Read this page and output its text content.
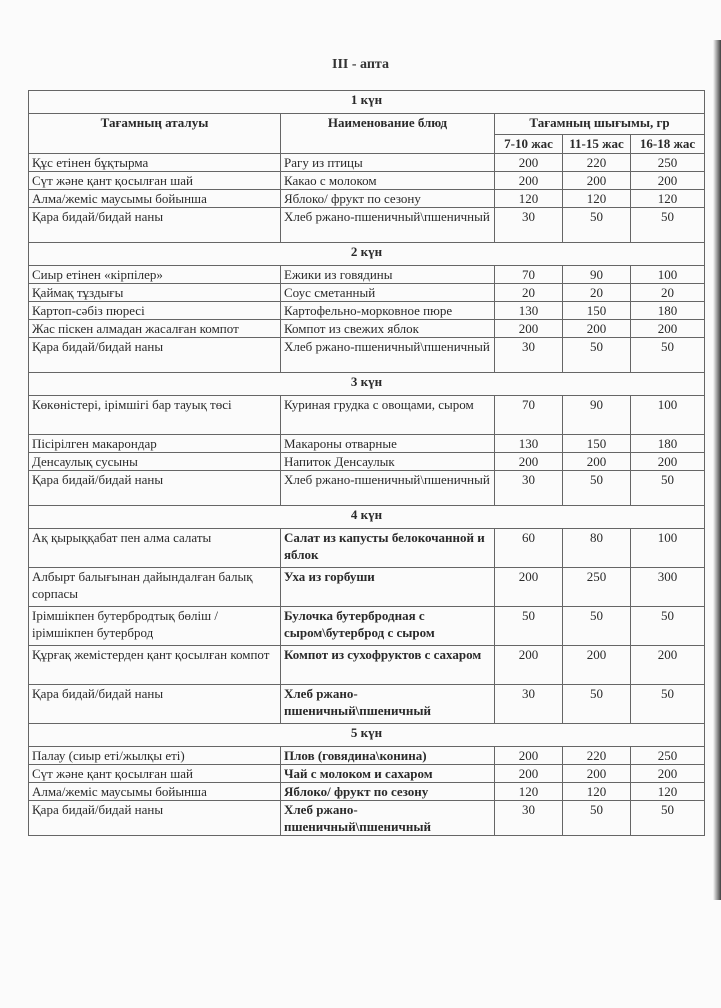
III - апта
1 күн				
Тағамның аталуы	Наименование блюд	Тағамның шығымы, гр		
		7-10 жас	11-15 жас	16-18 жас
Құс етінен бұқтырма	Рагу из птицы	200	220	250
Сүт және қант қосылған шай	Какао с молоком	200	200	200
Алма/жеміс маусымы бойынша	Яблоко/ фрукт по сезону	120	120	120
Қара бидай/бидай наны	Хлеб ржано-пшеничный\пшеничный	30	50	50
2 күн				
Сиыр етінен «кірпілер»	Ежики из говядины	70	90	100
Қаймақ тұздығы	Соус сметанный	20	20	20
Картоп-сәбіз пюресі	Картофельно-морковное пюре	130	150	180
Жас піскен алмадан жасалған компот	Компот из свежих яблок	200	200	200
Қара бидай/бидай наны	Хлеб ржано-пшеничный\пшеничный	30	50	50
3 күн				
Көкөністері, ірімшігі бар тауық төсі	Куриная грудка с овощами, сыром	70	90	100
Пісірілген макарондар	Макароны отварные	130	150	180
Денсаулық сусыны	Напиток Денсаулык	200	200	200
Қара бидай/бидай наны	Хлеб ржано-пшеничный\пшеничный	30	50	50
4 күн				
Ақ қырыққабат пен алма салаты	Салат из капусты белокочанной и яблок	60	80	100
Албырт балығынан дайындалған балық сорпасы	Уха из горбуши	200	250	300
Ірімшікпен бутербродтық бөліш / ірімшікпен бутерброд	Булочка бутербродная с сыром\бутерброд с сыром	50	50	50
Құрғақ жемістерден қант қосылған компот	Компот из сухофруктов с сахаром	200	200	200
Қара бидай/бидай наны	Хлеб ржано-пшеничный\пшеничный	30	50	50
5 күн				
Палау (сиыр еті/жылқы еті)	Плов (говядина\конина)	200	220	250
Сүт және қант қосылған шай	Чай с молоком и сахаром	200	200	200
Алма/жеміс маусымы бойынша	Яблоко/ фрукт по сезону	120	120	120
Қара бидай/бидай наны	Хлеб ржано-пшеничный\пшеничный	30	50	50
